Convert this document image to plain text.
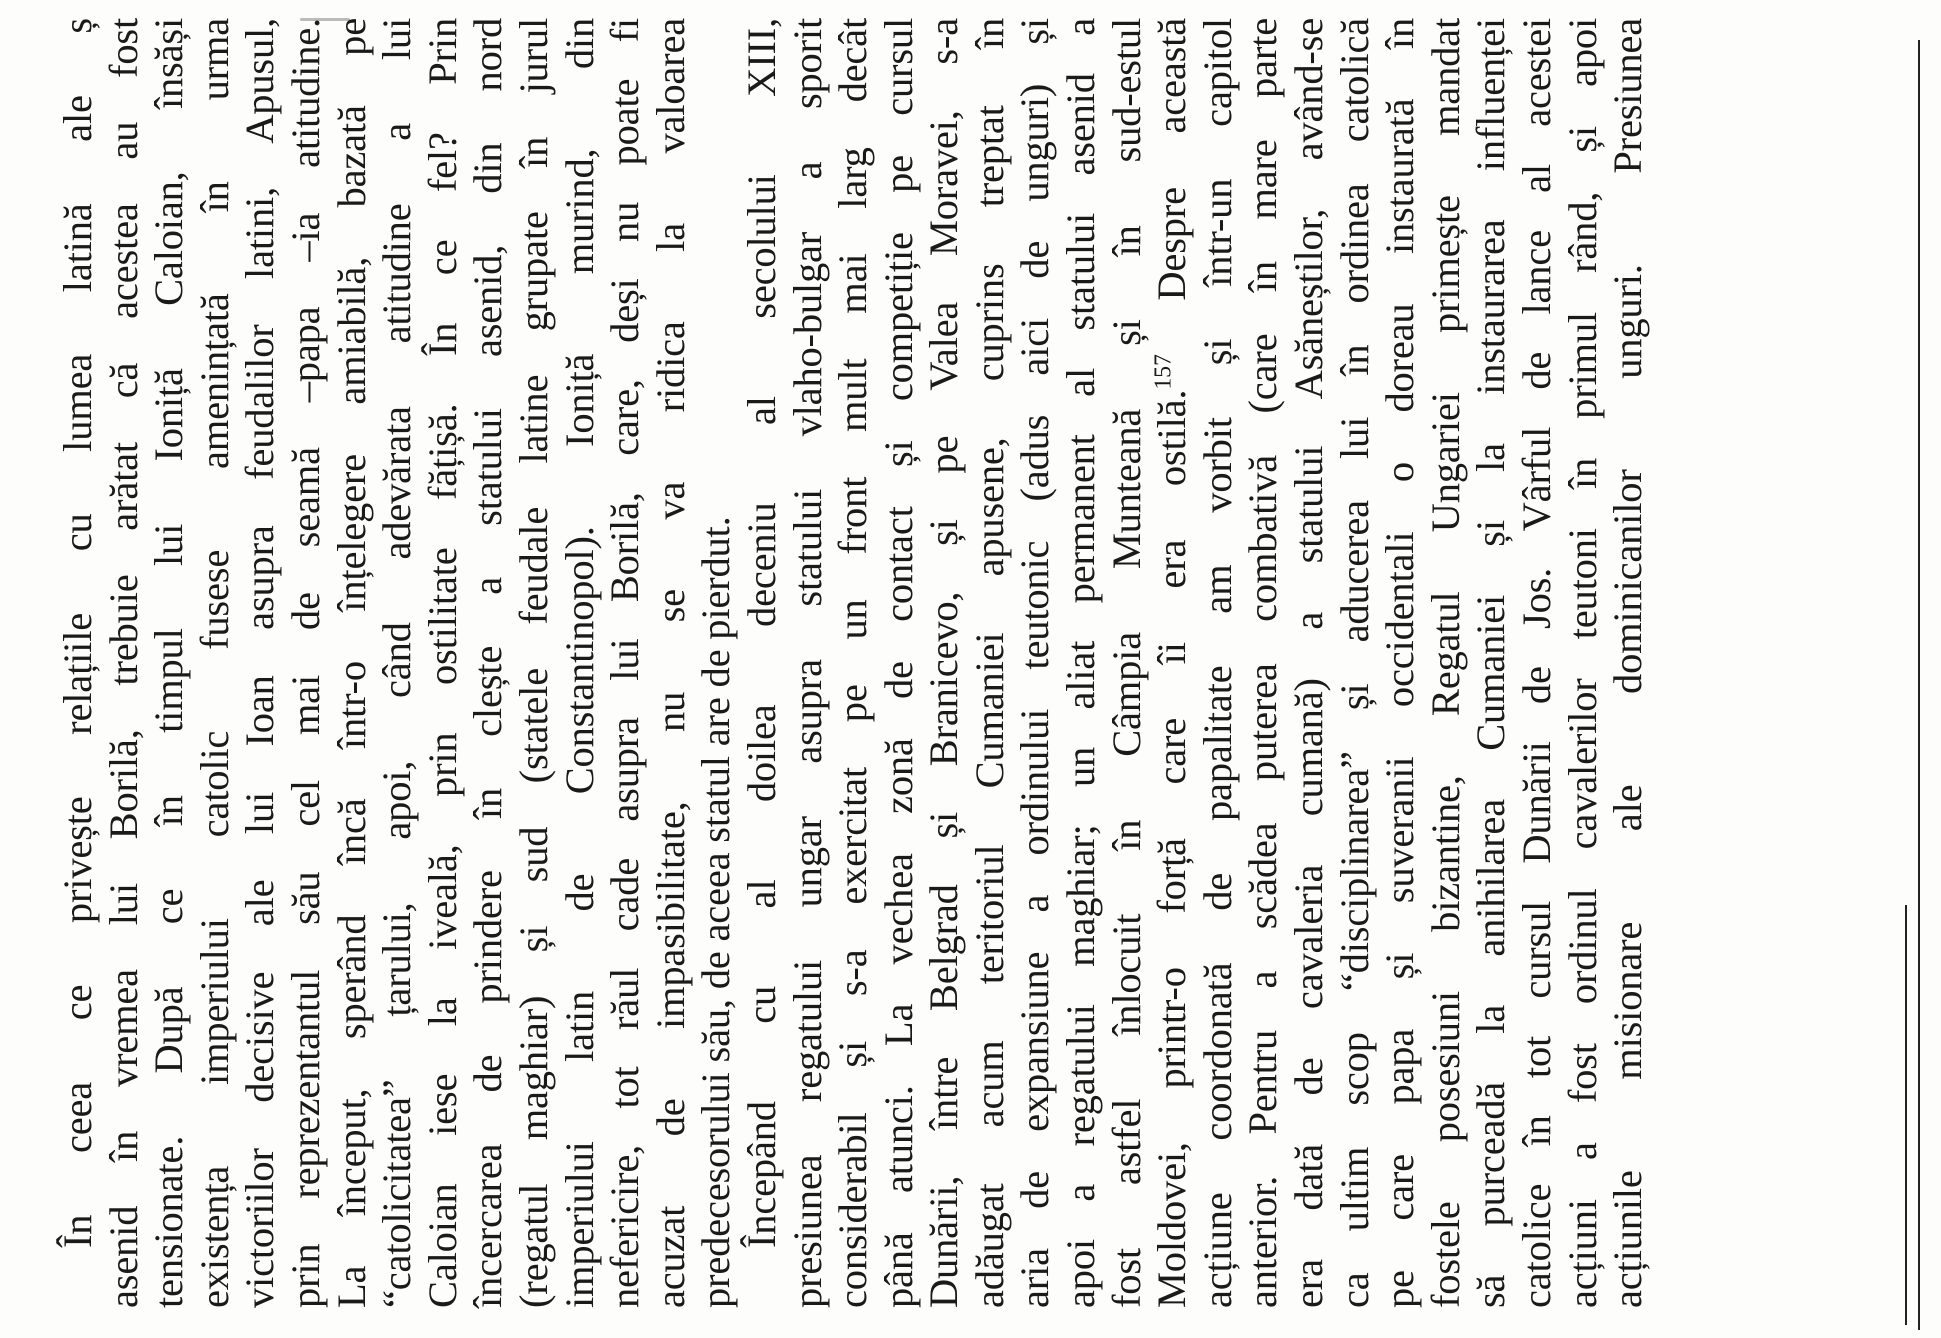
În ceea ce privește relațiile cu lumea latină ale ș asenid în vremea lui Borilă, trebuie arătat că acestea au fost tensionate. După ce în timpul lui Ioniță Caloian, însăși existența imperiului catolic fusese amenințată în urma victoriilor decisive ale lui Ioan asupra feudalilor latini, Apusul, prin reprezentantul său cel mai de seamă –papa –ia atitudine. La început, sperând încă într-o înțelegere amiabilă, bazată pe “catolicitatea” țarului, apoi, când adevărata atitudine a lui Caloian iese la iveală, prin ostilitate fățișă. În ce fel? Prin încercarea de prindere în clește a statului asenid, din nord (regatul maghiar) și sud (statele feudale latine grupate în jurul imperiului latin de Constantinopol). Ioniță murind, din nefericire, tot răul cade asupra lui Borilă, care, deși nu poate fi acuzat de impasibilitate, nu se va ridica la valoarea predecesorului său, de aceea statul are de pierdut. Începând cu al doilea deceniu al secolului XIII, presiunea regatului ungar asupra statului vlaho-bulgar a sporit considerabil și s-a exercitat pe un front mult mai larg decât până atunci. La vechea zonă de contact și competiție pe cursul Dunării, între Belgrad și Branicevo, și pe Valea Moravei, s-a adăugat acum teritoriul Cumaniei apusene, cuprins treptat în aria de expansiune a ordinului teutonic (adus aici de unguri) și apoi a regatului maghiar; un aliat permanent al statului asenid a fost astfel înlocuit în Câmpia Munteană și în sud-estul Moldovei, printr-o forță care îi era ostilă.$^{157}$ Despre această acțiune coordonată de papalitate am vorbit și într-un capitol anterior. Pentru a scădea puterea combativă (care în mare parte era dată de cavaleria cumană) a statului Asăneștilor, având-se ca ultim scop “disciplinarea” și aducerea lui în ordinea catolică pe care papa și suveranii occidentali o doreau instaurată în fostele posesiuni bizantine, Regatul Ungariei primește mandat să purceadă la anihilarea Cumaniei și la instaurarea influenței catolice în tot cursul Dunării de Jos. Vârful de lance al acestei acțiuni a fost ordinul cavalerilor teutoni în primul rând, și apoi acțiunile misionare ale dominicanilor unguri. Presiunea
